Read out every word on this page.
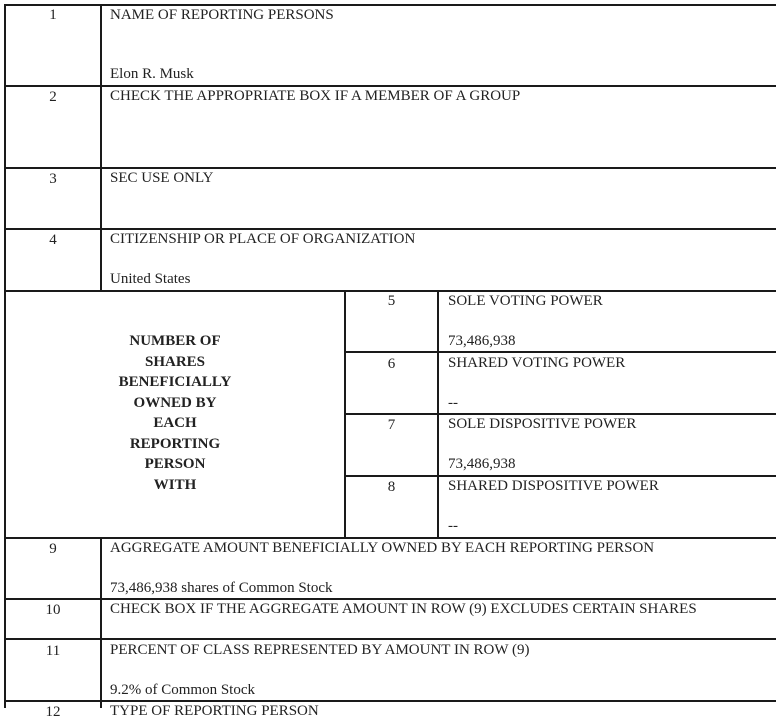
1	NAME OF REPORTING PERSONS
Elon R. Musk
2	CHECK THE APPROPRIATE BOX IF A MEMBER OF A GROUP
3	SEC USE ONLY
4	CITIZENSHIP OR PLACE OF ORGANIZATION
United States
NUMBER OF
SHARES
BENEFICIALLY
OWNED BY
EACH
REPORTING
PERSON
WITH
5	SOLE VOTING POWER
73,486,938
6	SHARED VOTING POWER
--
7	SOLE DISPOSITIVE POWER
73,486,938
8	SHARED DISPOSITIVE POWER
--
9	AGGREGATE AMOUNT BENEFICIALLY OWNED BY EACH REPORTING PERSON
73,486,938 shares of Common Stock
10	CHECK BOX IF THE AGGREGATE AMOUNT IN ROW (9) EXCLUDES CERTAIN SHARES
11	PERCENT OF CLASS REPRESENTED BY AMOUNT IN ROW (9)
9.2% of Common Stock
12	TYPE OF REPORTING PERSON
